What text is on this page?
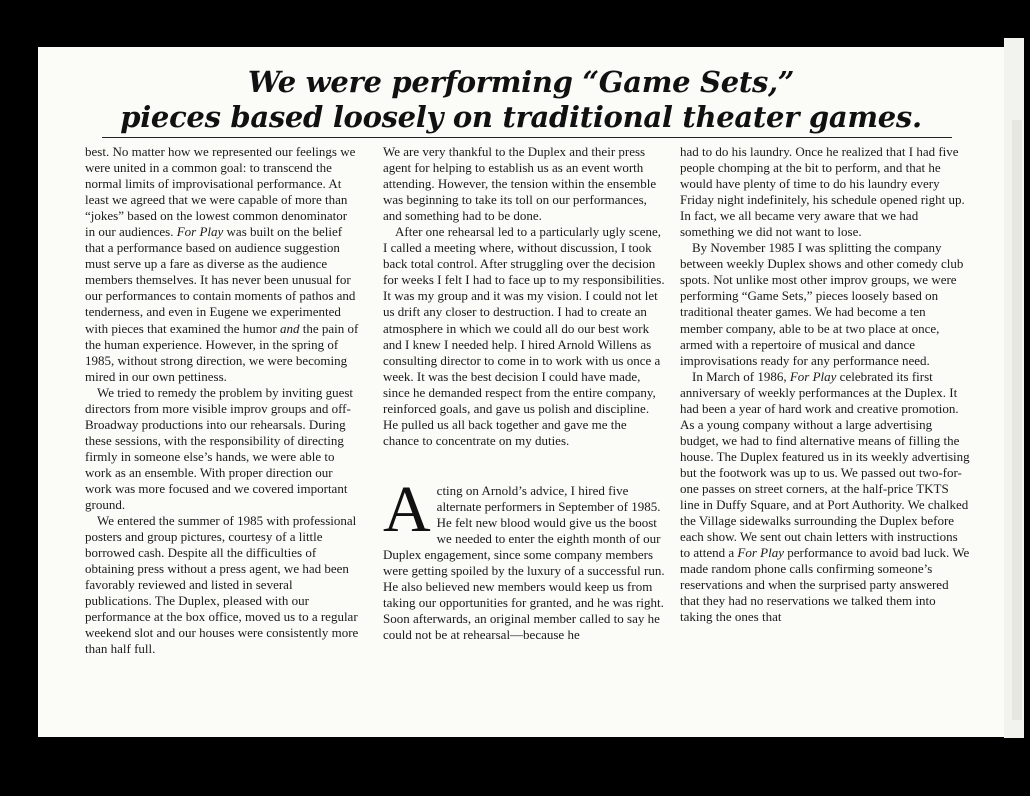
We were performing “Game Sets,”
pieces based loosely on traditional theater games.

best. No matter how we represented our feelings we were united in a common goal: to transcend the normal limits of improvisational performance. At least we agreed that we were capable of more than “jokes” based on the lowest common denominator in our audiences. For Play was built on the belief that a performance based on audience suggestion must serve up a fare as diverse as the audience members themselves. It has never been unusual for our performances to contain moments of pathos and tenderness, and even in Eugene we experimented with pieces that examined the humor and the pain of the human experience. However, in the spring of 1985, without strong direction, we were becoming mired in our own pettiness.

We tried to remedy the problem by inviting guest directors from more visible improv groups and off-Broadway productions into our rehearsals. During these sessions, with the responsibility of directing firmly in someone else’s hands, we were able to work as an ensemble. With proper direction our work was more focused and we covered important ground.

We entered the summer of 1985 with professional posters and group pictures, courtesy of a little borrowed cash. Despite all the difficulties of obtaining press without a press agent, we had been favorably reviewed and listed in several publications. The Duplex, pleased with our performance at the box office, moved us to a regular weekend slot and our houses were consistently more than half full.

We are very thankful to the Duplex and their press agent for helping to establish us as an event worth attending. However, the tension within the ensemble was beginning to take its toll on our performances, and something had to be done.

After one rehearsal led to a particularly ugly scene, I called a meeting where, without discussion, I took back total control. After struggling over the decision for weeks I felt I had to face up to my responsibilities. It was my group and it was my vision. I could not let us drift any closer to destruction. I had to create an atmosphere in which we could all do our best work and I knew I needed help. I hired Arnold Willens as consulting director to come in to work with us once a week. It was the best decision I could have made, since he demanded respect from the entire company, reinforced goals, and gave us polish and discipline. He pulled us all back together and gave me the chance to concentrate on my duties.

Acting on Arnold’s advice, I hired five alternate performers in September of 1985. He felt new blood would give us the boost we needed to enter the eighth month of our Duplex engagement, since some company members were getting spoiled by the luxury of a successful run. He also believed new members would keep us from taking our opportunities for granted, and he was right. Soon afterwards, an original member called to say he could not be at rehearsal—because he

had to do his laundry. Once he realized that I had five people chomping at the bit to perform, and that he would have plenty of time to do his laundry every Friday night indefinitely, his schedule opened right up. In fact, we all became very aware that we had something we did not want to lose.

By November 1985 I was splitting the company between weekly Duplex shows and other comedy club spots. Not unlike most other improv groups, we were performing “Game Sets,” pieces loosely based on traditional theater games. We had become a ten member company, able to be at two place at once, armed with a repertoire of musical and dance improvisations ready for any performance need.

In March of 1986, For Play celebrated its first anniversary of weekly performances at the Duplex. It had been a year of hard work and creative promotion. As a young company without a large advertising budget, we had to find alternative means of filling the house. The Duplex featured us in its weekly advertising but the footwork was up to us. We passed out two-for-one passes on street corners, at the half-price TKTS line in Duffy Square, and at Port Authority. We chalked the Village sidewalks surrounding the Duplex before each show. We sent out chain letters with instructions to attend a For Play performance to avoid bad luck. We made random phone calls confirming someone’s reservations and when the surprised party answered that they had no reservations we talked them into taking the ones that
